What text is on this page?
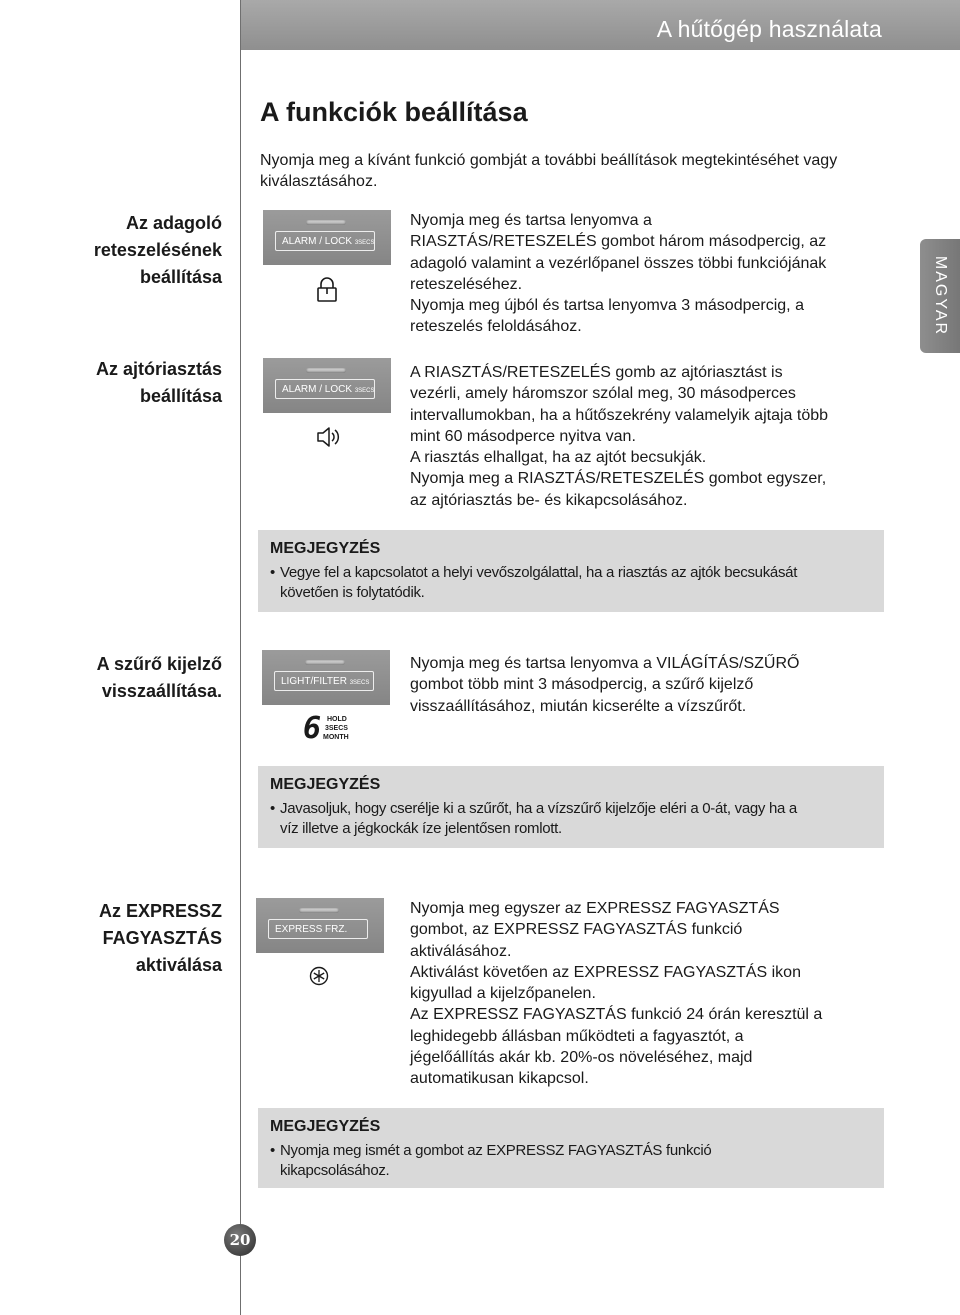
A hűtőgép használata
MAGYAR
A funkciók beállítása
Nyomja meg a kívánt funkció gombját a további beállítások megtekintéséhet vagy kiválasztásához.
Az adagoló
reteszelésének
beállítása
ALARM / LOCK 3SECS
Nyomja meg és tartsa lenyomva a
RIASZTÁS/RETESZELÉS gombot három másodpercig, az
adagoló valamint a vezérlőpanel összes többi funkciójának
reteszeléséhez.
Nyomja meg újból és tartsa lenyomva 3 másodpercig, a
reteszelés feloldásához.
Az ajtóriasztás
beállítása	ALARM / LOCK 3SECS
A RIASZTÁS/RETESZELÉS gomb az ajtóriasztást is
vezérli, amely háromszor szólal meg, 30 másodperces
intervallumokban, ha a hűtőszekrény valamelyik ajtaja több
mint 60 másodperce nyitva van.
A riasztás elhallgat, ha az ajtót becsukják.
Nyomja meg a RIASZTÁS/RETESZELÉS gombot egyszer,
az ajtóriasztás be- és kikapcsolásához.
MEGJEGYZÉS
• Vegye fel a kapcsolatot a helyi vevőszolgálattal, ha a riasztás az ajtók becsukását
követően is folytatódik.
A szűrő kijelző
visszaállítása.	LIGHT/FILTER 3SECS
6 HOLD
3SECS
MONTH
Nyomja meg és tartsa lenyomva a VILÁGÍTÁS/SZŰRŐ
gombot több mint 3 másodpercig, a szűrő kijelző
visszaállításához, miután kicserélte a vízszűrőt.
MEGJEGYZÉS
• Javasoljuk, hogy cserélje ki a szűrőt, ha a vízszűrő kijelzője eléri a 0-át, vagy ha a
víz illetve a jégkockák íze jelentősen romlott.
Az EXPRESSZ
FAGYASZTÁS
aktiválása
EXPRESS FRZ.
Nyomja meg egyszer az EXPRESSZ FAGYASZTÁS
gombot, az EXPRESSZ FAGYASZTÁS funkció
aktiválásához.
Aktiválást követően az EXPRESSZ FAGYASZTÁS ikon
kigyullad a kijelzőpanelen.
Az EXPRESSZ FAGYASZTÁS funkció 24 órán keresztül a
leghidegebb állásban működteti a fagyasztót, a
jégelőállítás akár kb. 20%-os növeléséhez, majd
automatikusan kikapcsol.
MEGJEGYZÉS
• Nyomja meg ismét a gombot az EXPRESSZ FAGYASZTÁS funkció
kikapcsolásához.
20
